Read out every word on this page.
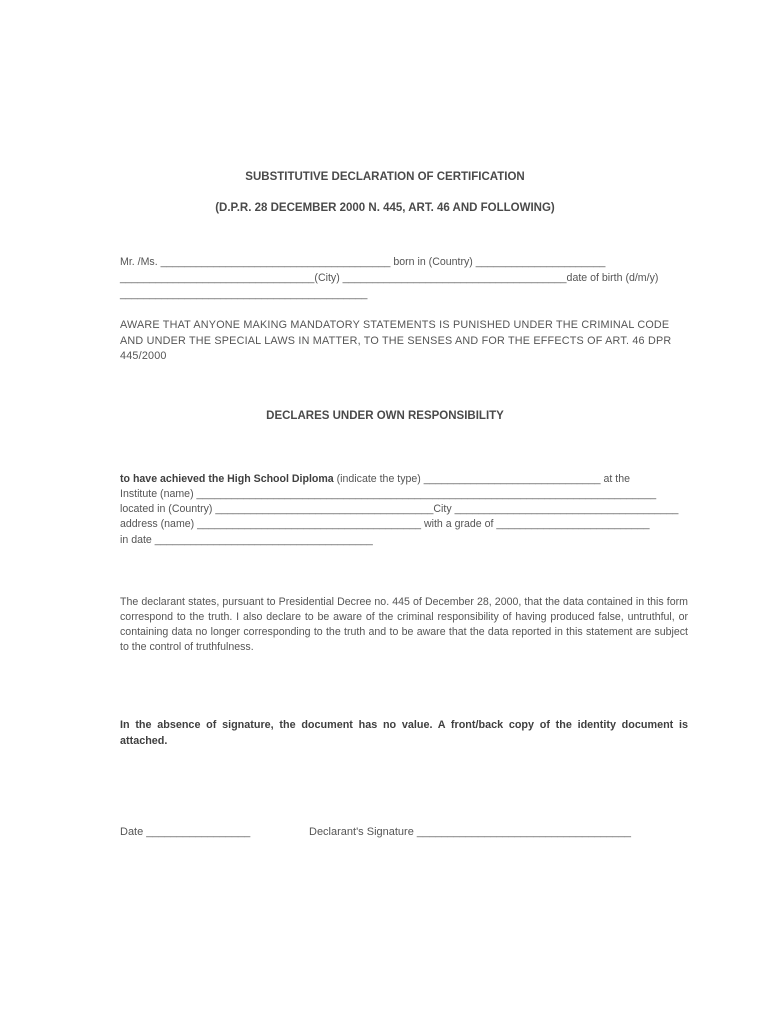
SUBSTITUTIVE DECLARATION OF CERTIFICATION
(D.P.R. 28 DECEMBER 2000 N. 445, ART. 46 AND FOLLOWING)
Mr. /Ms. _______________________________________ born in (Country) ______________________
_________________________________(City) ______________________________________date of birth (d/m/y)
__________________________________________
AWARE THAT ANYONE MAKING MANDATORY STATEMENTS IS PUNISHED UNDER THE CRIMINAL CODE AND UNDER THE SPECIAL LAWS IN MATTER, TO THE SENSES AND FOR THE EFFECTS OF ART. 46 DPR 445/2000
DECLARES UNDER OWN RESPONSIBILITY
to have achieved the High School Diploma (indicate the type) ______________________________ at the
Institute (name) ______________________________________________________________________________
located in (Country) _____________________________________City ______________________________________
address (name) ______________________________________ with a grade of __________________________
in date _____________________________________
The declarant states, pursuant to Presidential Decree no. 445 of December 28, 2000, that the data contained in this form correspond to the truth. I also declare to be aware of the criminal responsibility of having produced false, untruthful, or containing data no longer corresponding to the truth and to be aware that the data reported in this statement are subject to the control of truthfulness.
In the absence of signature, the document has no value. A front/back copy of the identity document is attached.
Date _________________	Declarant's Signature ___________________________________
